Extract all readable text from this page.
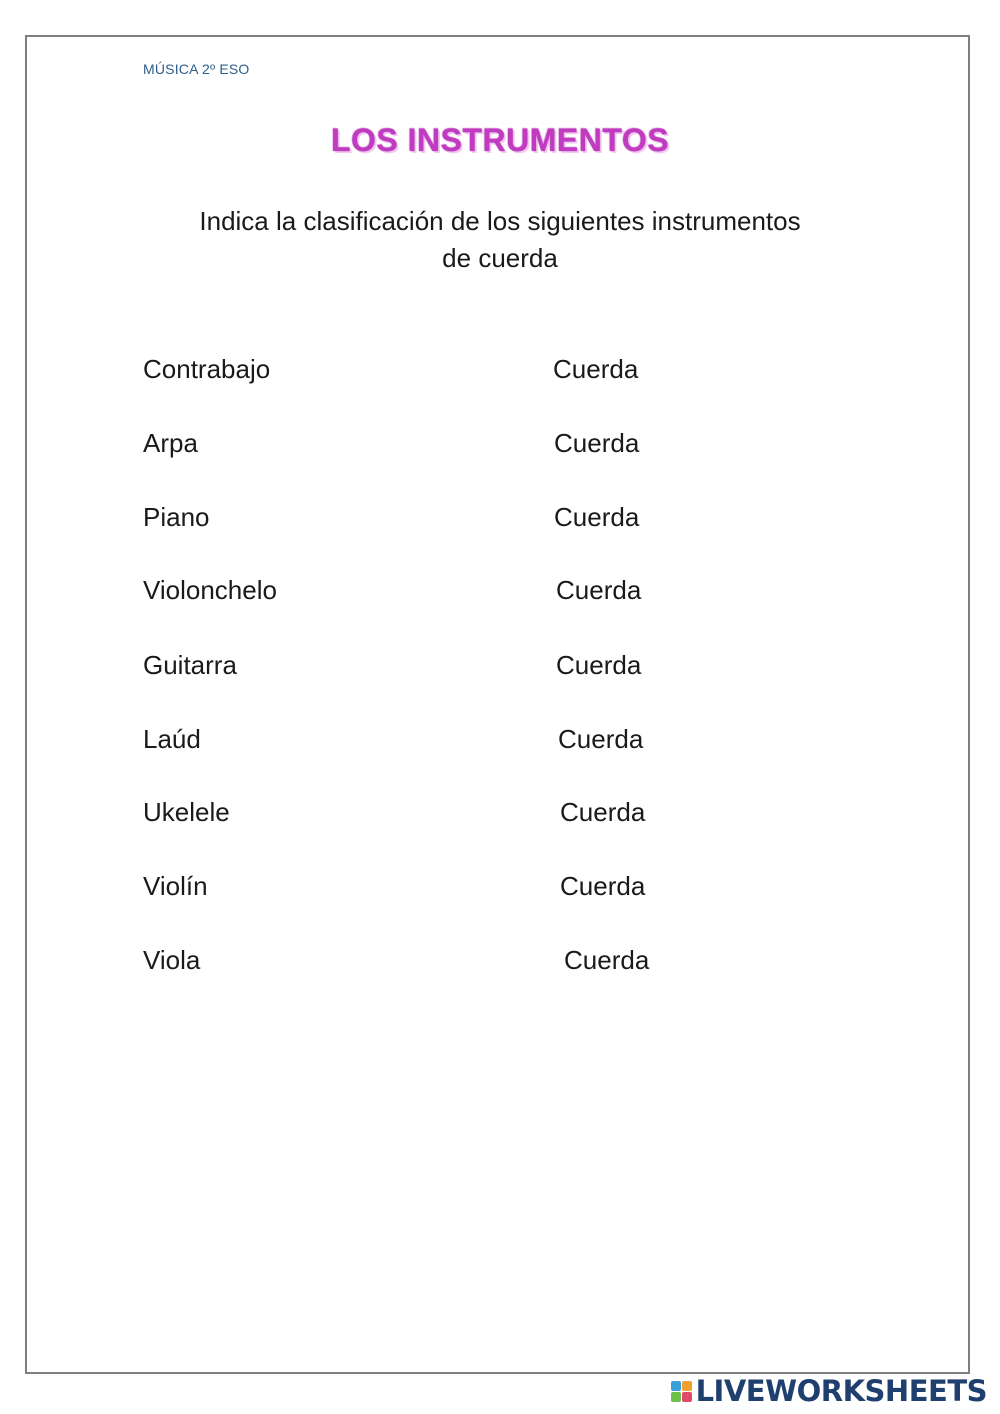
MÚSICA 2º ESO
LOS INSTRUMENTOS
Indica la clasificación de los siguientes instrumentos
de cuerda
Contrabajo	Cuerda
Arpa	Cuerda
Piano	Cuerda
Violonchelo	Cuerda
Guitarra	Cuerda
Laúd	Cuerda
Ukelele	Cuerda
Violín	Cuerda
Viola	Cuerda
LIVEWORKSHEETS
